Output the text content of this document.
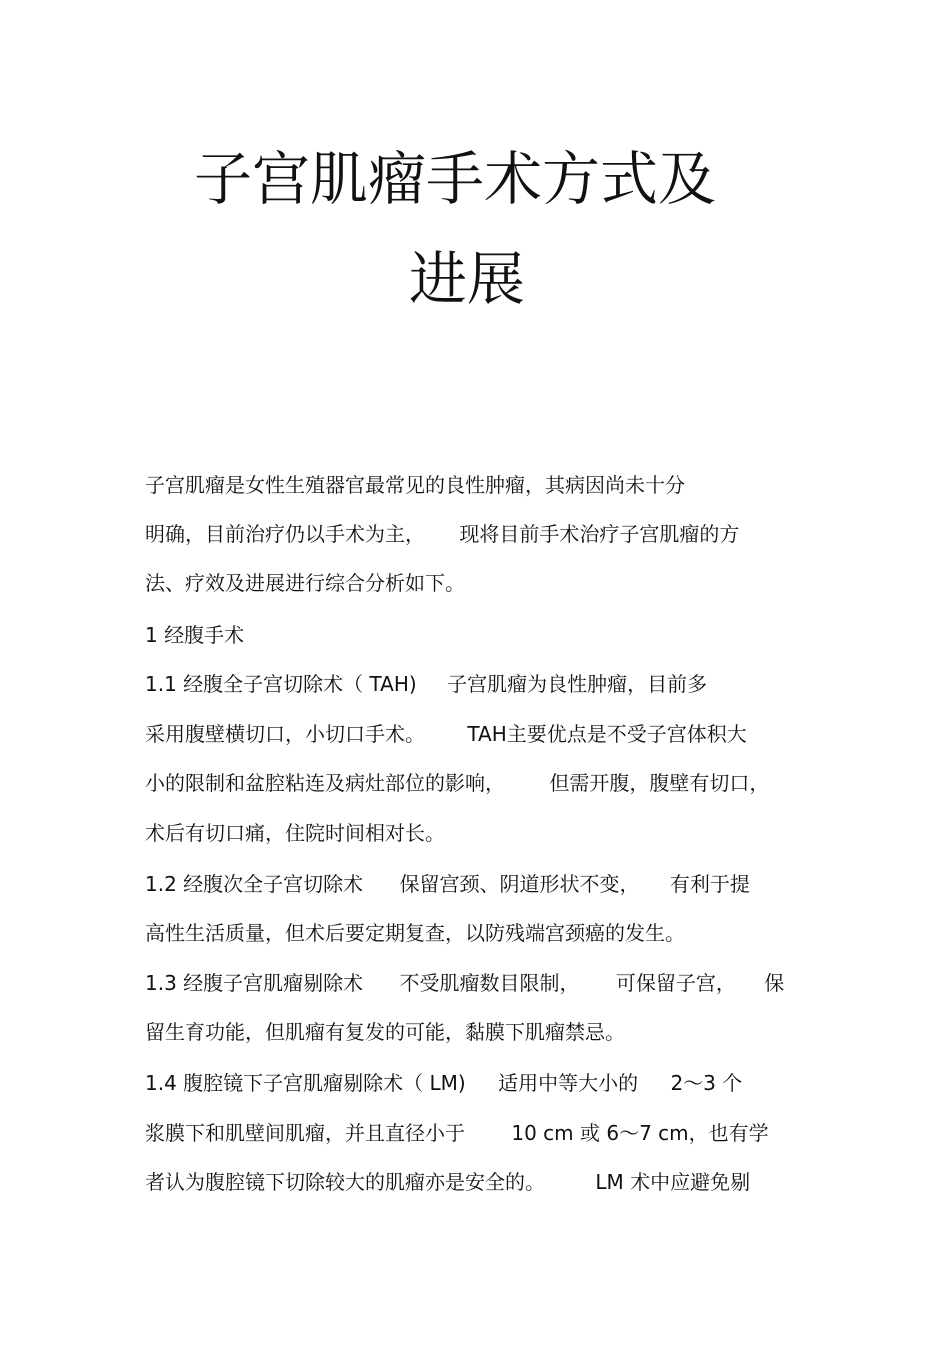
子宫肌瘤手术方式及
进展
子宫肌瘤是女性生殖器官最常见的良性肿瘤，其病因尚未十分
明确，目前治疗仍以手术为主， 现将目前手术治疗子宫肌瘤的方
法、疗效及进展进行综合分析如下。
1 经腹手术
1.1 经腹全子宫切除术（ TAH) 子宫肌瘤为良性肿瘤，目前多
采用腹壁横切口，小切口手术。 TAH主要优点是不受子宫体积大
小的限制和盆腔粘连及病灶部位的影响， 但需开腹，腹壁有切口，
术后有切口痛，住院时间相对长。
1.2 经腹次全子宫切除术 保留宫颈、阴道形状不变， 有利于提
高性生活质量，但术后要定期复查，以防残端宫颈癌的发生。
1.3 经腹子宫肌瘤剔除术 不受肌瘤数目限制， 可保留子宫， 保
留生育功能，但肌瘤有复发的可能，黏膜下肌瘤禁忌。
1.4 腹腔镜下子宫肌瘤剔除术（ LM) 适用中等大小的 2～3 个
浆膜下和肌壁间肌瘤，并且直径小于 10 cm 或 6～7 cm，也有学
者认为腹腔镜下切除较大的肌瘤亦是安全的。	LM 术中应避免剔
